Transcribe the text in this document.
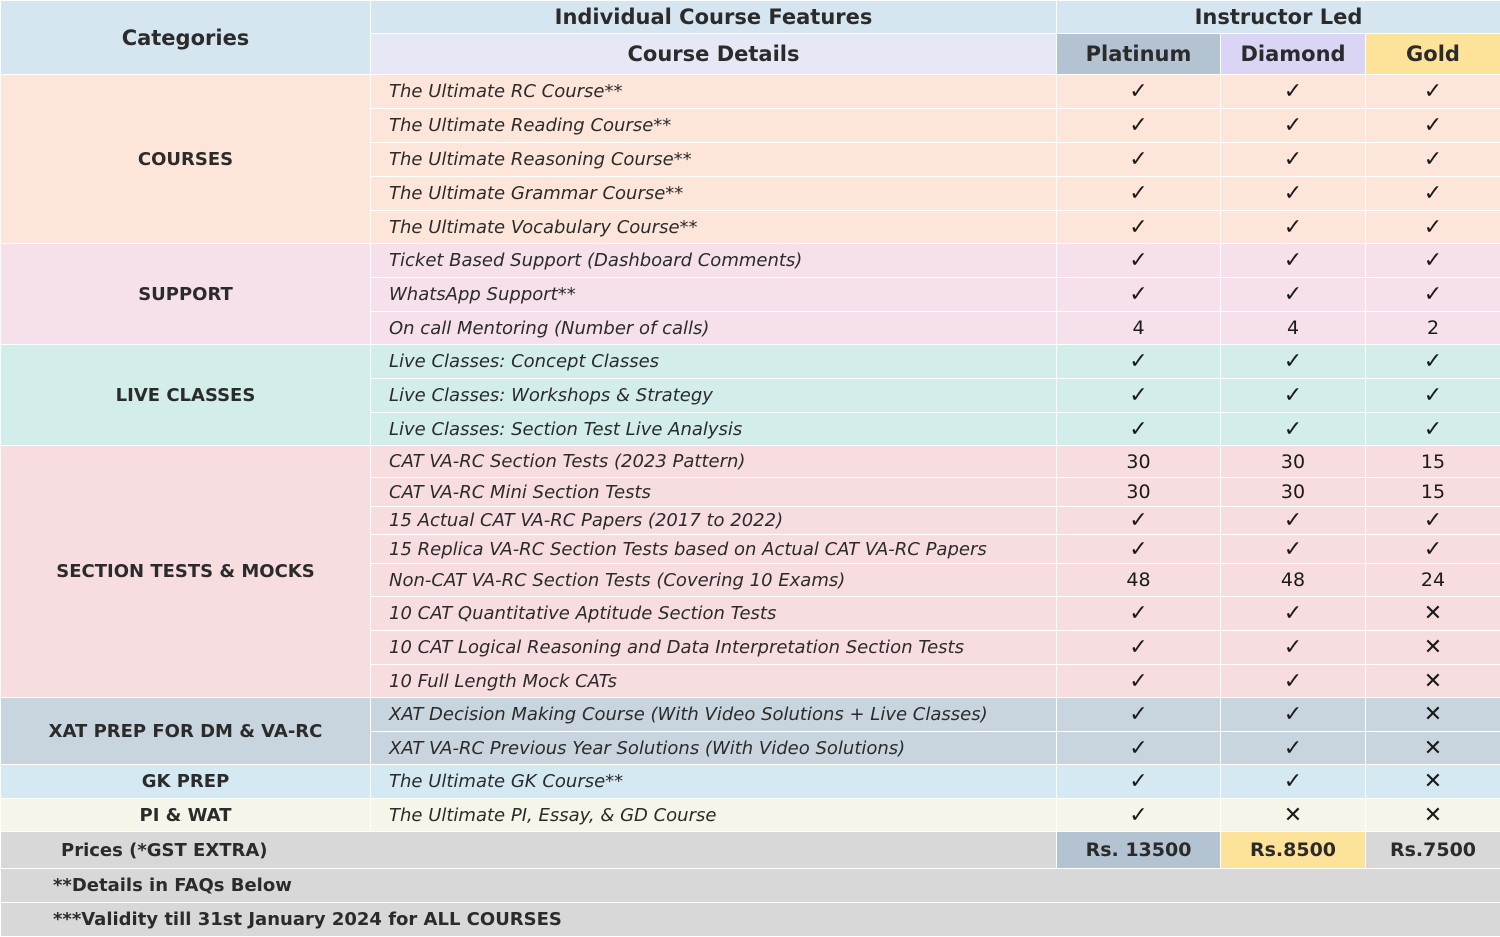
Categories	Individual Course Features	Instructor Led		
	Course Details	Platinum	Diamond	Gold
COURSES	The Ultimate RC Course**	✓	✓	✓
	The Ultimate Reading Course**	✓	✓	✓
	The Ultimate Reasoning Course**	✓	✓	✓
	The Ultimate Grammar Course**	✓	✓	✓
	The Ultimate Vocabulary Course**	✓	✓	✓
SUPPORT	Ticket Based Support (Dashboard Comments)	✓	✓	✓
	WhatsApp Support**	✓	✓	✓
	On call Mentoring (Number of calls)	4	4	2
LIVE CLASSES	Live Classes: Concept Classes	✓	✓	✓
	Live Classes: Workshops & Strategy	✓	✓	✓
	Live Classes: Section Test Live Analysis	✓	✓	✓
SECTION TESTS & MOCKS	CAT VA-RC Section Tests (2023 Pattern)	30	30	15
	CAT VA-RC Mini Section Tests	30	30	15
	15 Actual CAT VA-RC Papers (2017 to 2022)	✓	✓	✓
	15 Replica VA-RC Section Tests based on Actual CAT VA-RC Papers	✓	✓	✓
	Non-CAT VA-RC Section Tests (Covering 10 Exams)	48	48	24
	10 CAT Quantitative Aptitude Section Tests	✓	✓	✕
	10 CAT Logical Reasoning and Data Interpretation Section Tests	✓	✓	✕
	10 Full Length Mock CATs	✓	✓	✕
XAT PREP FOR DM & VA-RC	XAT Decision Making Course (With Video Solutions + Live Classes)	✓	✓	✕
	XAT VA-RC Previous Year Solutions (With Video Solutions)	✓	✓	✕
GK PREP	The Ultimate GK Course**	✓	✓	✕
PI & WAT	The Ultimate PI, Essay, & GD Course	✓	✕	✕
Prices (*GST EXTRA)		Rs. 13500	Rs.8500	Rs.7500
**Details in FAQs Below				
***Validity till 31st January 2024 for ALL COURSES				
